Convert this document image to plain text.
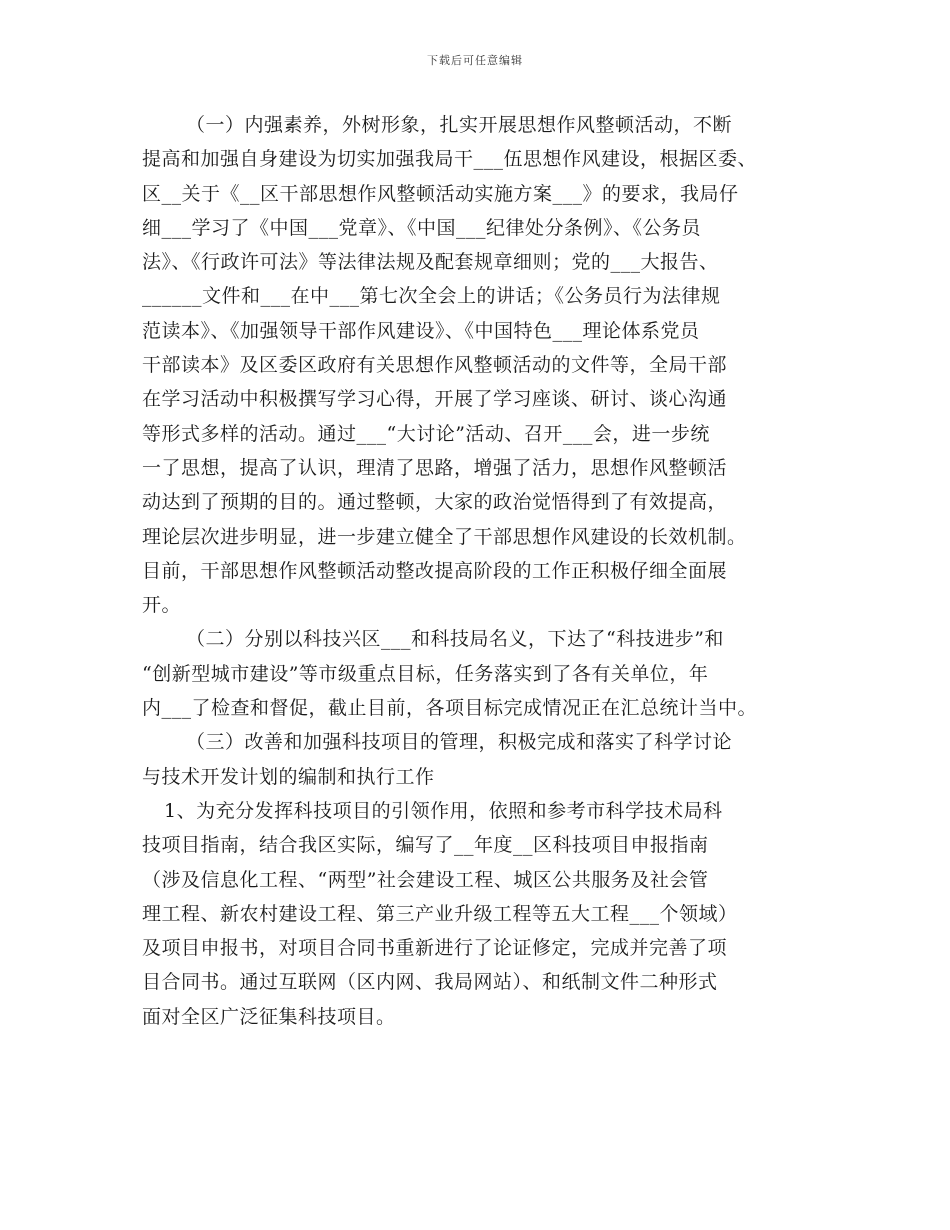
下载后可任意编辑
（一）内强素养，外树形象，扎实开展思想作风整顿活动，不断
提高和加强自身建设为切实加强我局干___伍思想作风建设，根据区委、
区__关于《__区干部思想作风整顿活动实施方案___》的要求，我局仔
细___学习了《中国___党章》、《中国___纪律处分条例》、《公务员
法》、《行政许可法》等法律法规及配套规章细则；党的___大报告、
______文件和___在中___第七次全会上的讲话；《公务员行为法律规
范读本》、《加强领导干部作风建设》、《中国特色___理论体系党员
干部读本》及区委区政府有关思想作风整顿活动的文件等，全局干部
在学习活动中积极撰写学习心得，开展了学习座谈、研讨、谈心沟通
等形式多样的活动。通过___“大讨论”活动、召开___会，进一步统
一了思想，提高了认识，理清了思路，增强了活力，思想作风整顿活
动达到了预期的目的。通过整顿，大家的政治觉悟得到了有效提高，
理论层次进步明显，进一步建立健全了干部思想作风建设的长效机制。
目前，干部思想作风整顿活动整改提高阶段的工作正积极仔细全面展
开。
（二）分别以科技兴区___和科技局名义，下达了“科技进步”和
“创新型城市建设”等市级重点目标，任务落实到了各有关单位，年
内___了检查和督促，截止目前，各项目标完成情况正在汇总统计当中。
（三）改善和加强科技项目的管理，积极完成和落实了科学讨论
与技术开发计划的编制和执行工作
1、为充分发挥科技项目的引领作用，依照和参考市科学技术局科
技项目指南，结合我区实际，编写了__年度__区科技项目申报指南
（涉及信息化工程、“两型”社会建设工程、城区公共服务及社会管
理工程、新农村建设工程、第三产业升级工程等五大工程___个领域）
及项目申报书，对项目合同书重新进行了论证修定，完成并完善了项
目合同书。通过互联网（区内网、我局网站）、和纸制文件二种形式
面对全区广泛征集科技项目。
